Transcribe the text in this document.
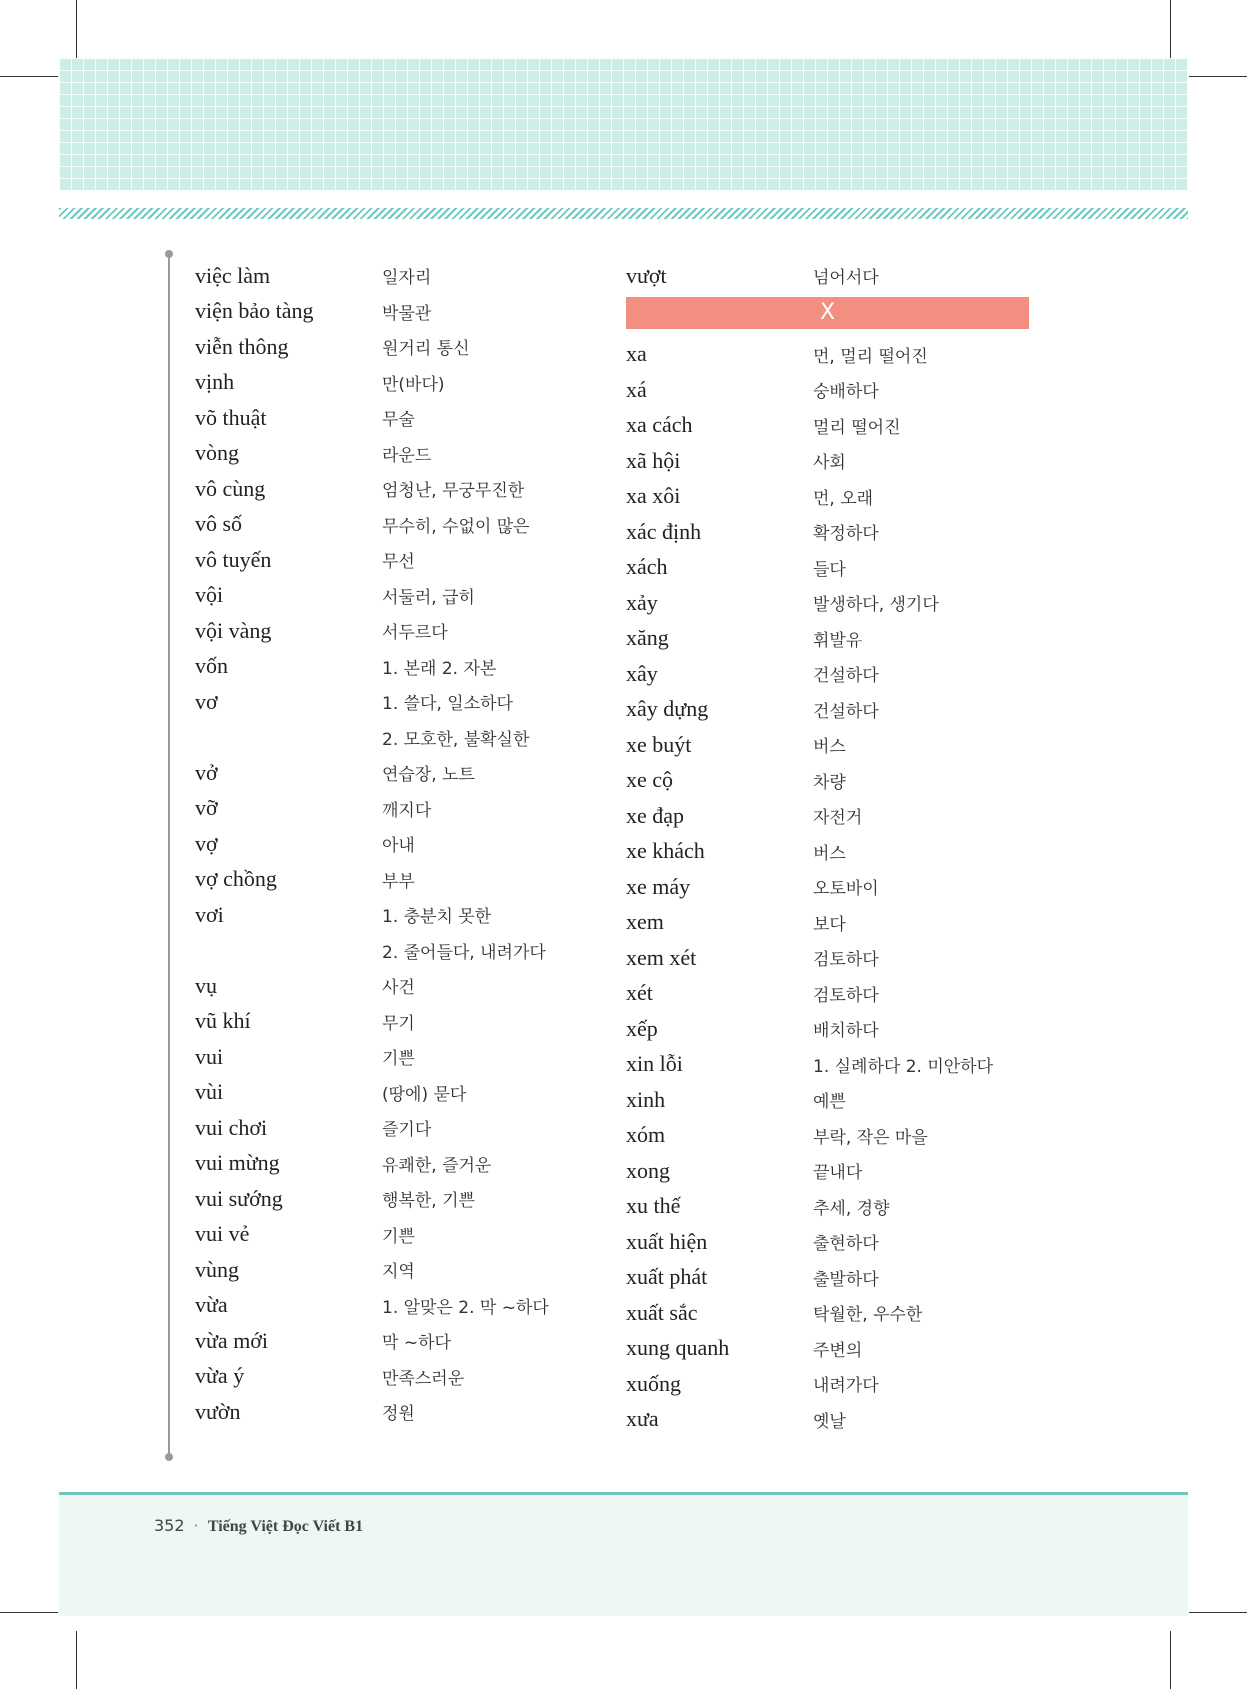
việc làm	일자리
viện bảo tàng	박물관
viễn thông	원거리 통신
vịnh	만(바다)
võ thuật	무술
vòng	라운드
vô cùng	엄청난, 무궁무진한
vô số	무수히, 수없이 많은
vô tuyến	무선
vội	서둘러, 급히
vội vàng	서두르다
vốn	1. 본래 2. 자본
vơ	1. 쓸다, 일소하다
2. 모호한, 불확실한
vở	연습장, 노트
vỡ	깨지다
vợ	아내
vợ chồng	부부
vơi	1. 충분치 못한
2. 줄어들다, 내려가다
vụ	사건
vũ khí	무기
vui	기쁜
vùi	(땅에) 묻다
vui chơi	즐기다
vui mừng	유쾌한, 즐거운
vui sướng	행복한, 기쁜
vui vẻ	기쁜
vùng	지역
vừa	1. 알맞은 2. 막 ~하다
vừa mới	막 ~하다
vừa ý	만족스러운
vườn	정원
vượt	넘어서다
X
xa	먼, 멀리 떨어진
xá	숭배하다
xa cách	멀리 떨어진
xã hội	사회
xa xôi	먼, 오래
xác định	확정하다
xách	들다
xảy	발생하다, 생기다
xăng	휘발유
xây	건설하다
xây dựng	건설하다
xe buýt	버스
xe cộ	차량
xe đạp	자전거
xe khách	버스
xe máy	오토바이
xem	보다
xem xét	검토하다
xét	검토하다
xếp	배치하다
xin lỗi	1. 실례하다 2. 미안하다
xinh	예쁜
xóm	부락, 작은 마을
xong	끝내다
xu thế	추세, 경향
xuất hiện	출현하다
xuất phát	출발하다
xuất sắc	탁월한, 우수한
xung quanh	주변의
xuống	내려가다
xưa	옛날
352 · Tiếng Việt Đọc Viết B1
